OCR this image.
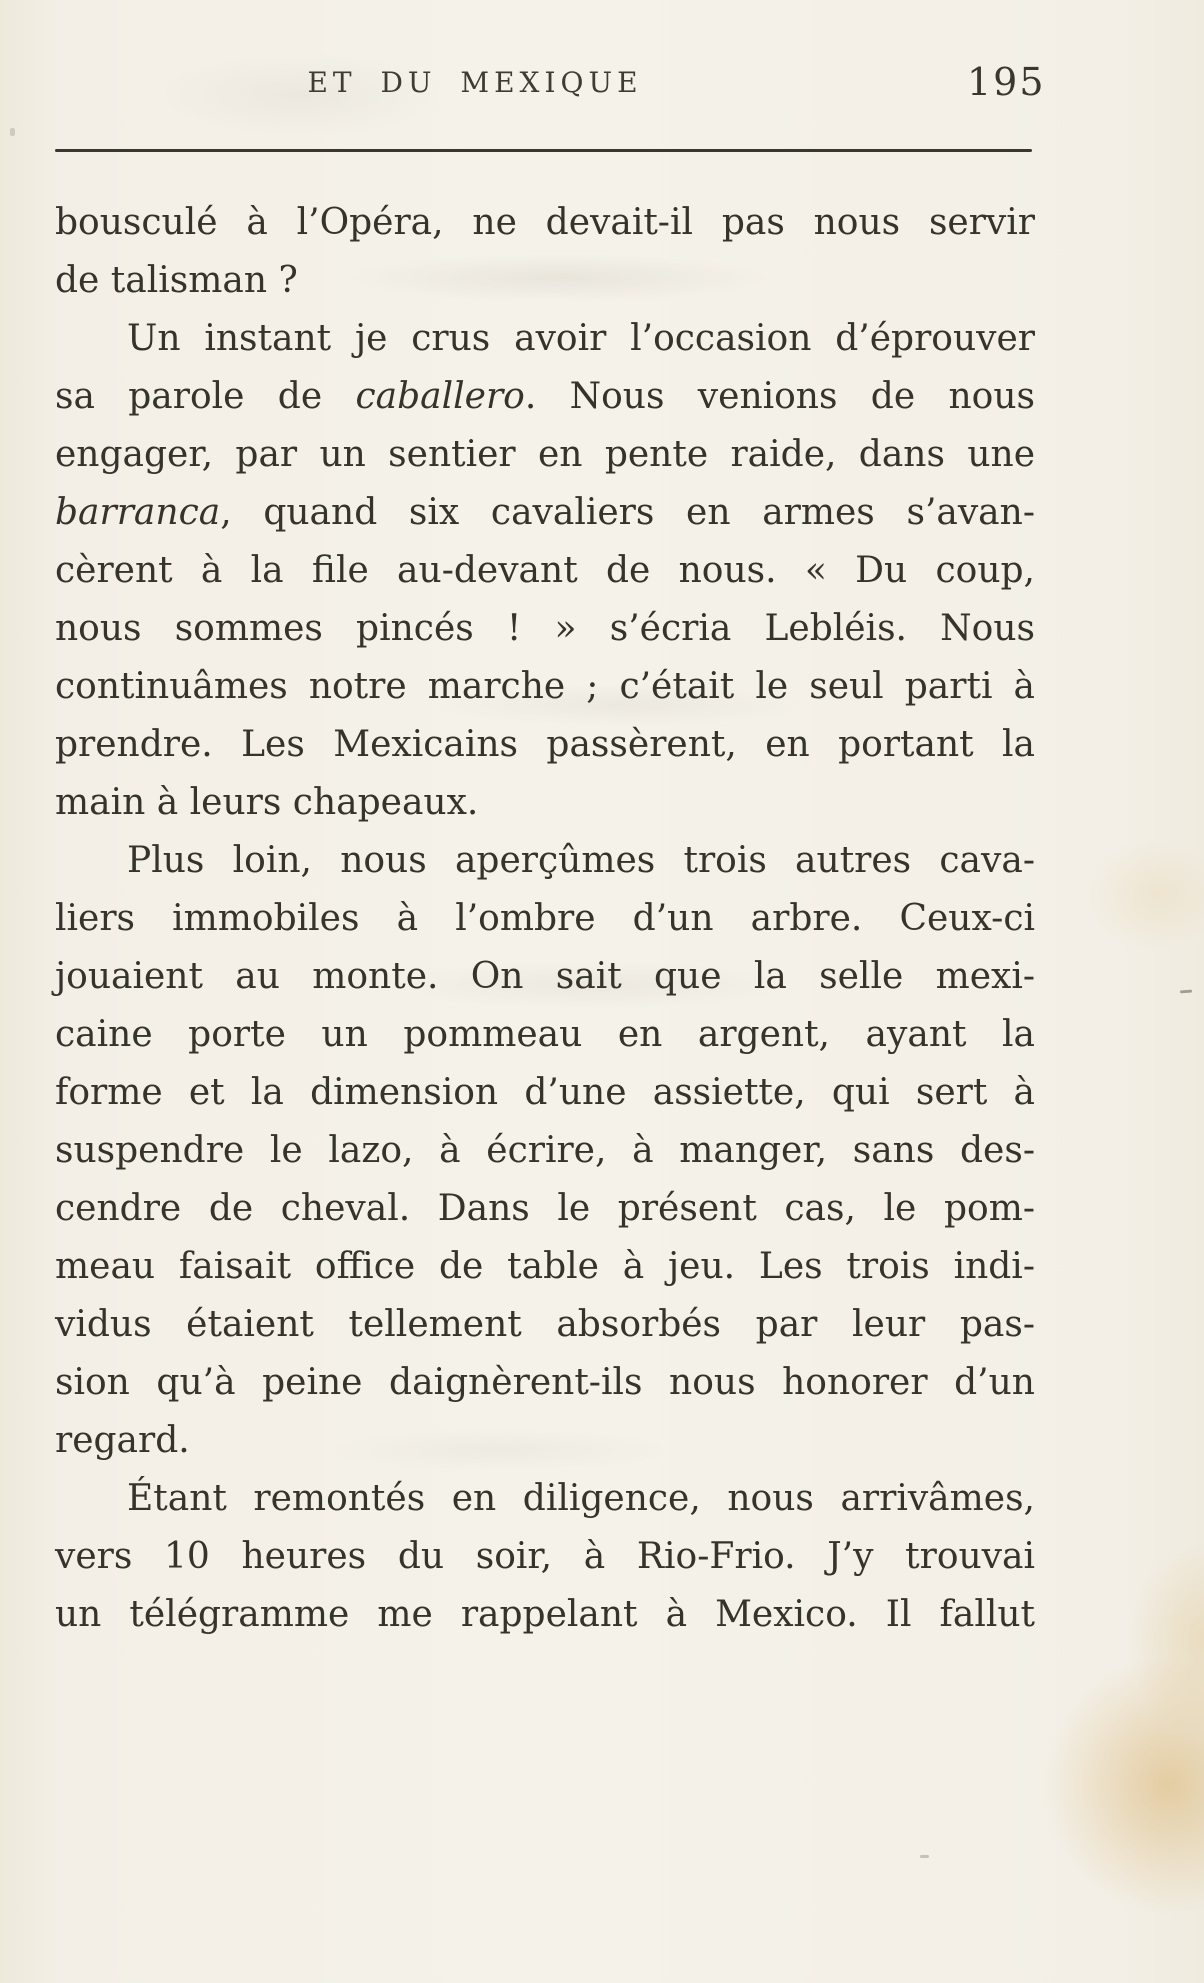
ET DU MEXIQUE	195
bousculé à l’Opéra, ne devait-il pas nous servir
de talisman ?
Un instant je crus avoir l’occasion d’éprouver
sa parole de caballero. Nous venions de nous
engager, par un sentier en pente raide, dans une
barranca, quand six cavaliers en armes s’avan-
cèrent à la file au-devant de nous. « Du coup,
nous sommes pincés ! » s’écria Lebléis. Nous
continuâmes notre marche ; c’était le seul parti à
prendre. Les Mexicains passèrent, en portant la
main à leurs chapeaux.
Plus loin, nous aperçûmes trois autres cava-
liers immobiles à l’ombre d’un arbre. Ceux-ci
jouaient au monte. On sait que la selle mexi-
caine porte un pommeau en argent, ayant la
forme et la dimension d’une assiette, qui sert à
suspendre le lazo, à écrire, à manger, sans des-
cendre de cheval. Dans le présent cas, le pom-
meau faisait office de table à jeu. Les trois indi-
vidus étaient tellement absorbés par leur pas-
sion qu’à peine daignèrent-ils nous honorer d’un
regard.
Étant remontés en diligence, nous arrivâmes,
vers 10 heures du soir, à Rio-Frio. J’y trouvai
un télégramme me rappelant à Mexico. Il fallut
